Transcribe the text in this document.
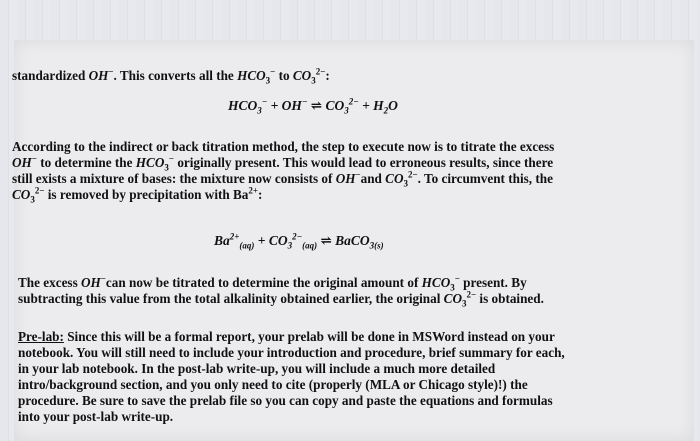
standardized OH−. This converts all the $HCO_3^-$ to $CO_3^{2-}$:
$HCO_3^- + OH^-$ ⇌ $CO_3^{2-} + H_2O$
According to the indirect or back titration method, the step to execute now is to titrate the excess
OH− to determine the $HCO_3^-$ originally present. This would lead to erroneous results, since there
still exists a mixture of bases: the mixture now consists of OH−and $CO_3^{2-}$. To circumvent this, the
$CO_3^{2-}$ is removed by precipitation with $Ba^{2+}$:
$Ba^{2+}_{(aq)} + CO_3^{2-}_{(aq)}$ ⇌ BaCO$_{3(s)}$
The excess OH−can now be titrated to determine the original amount of $HCO_3^-$ present. By
subtracting this value from the total alkalinity obtained earlier, the original $CO_3^{2-}$ is obtained.
Pre-lab: Since this will be a formal report, your prelab will be done in MSWord instead on your
notebook. You will still need to include your introduction and procedure, brief summary for each,
in your lab notebook. In the post-lab write-up, you will include a much more detailed
intro/background section, and you only need to cite (properly (MLA or Chicago style)!) the
procedure. Be sure to save the prelab file so you can copy and paste the equations and formulas
into your post-lab write-up.
